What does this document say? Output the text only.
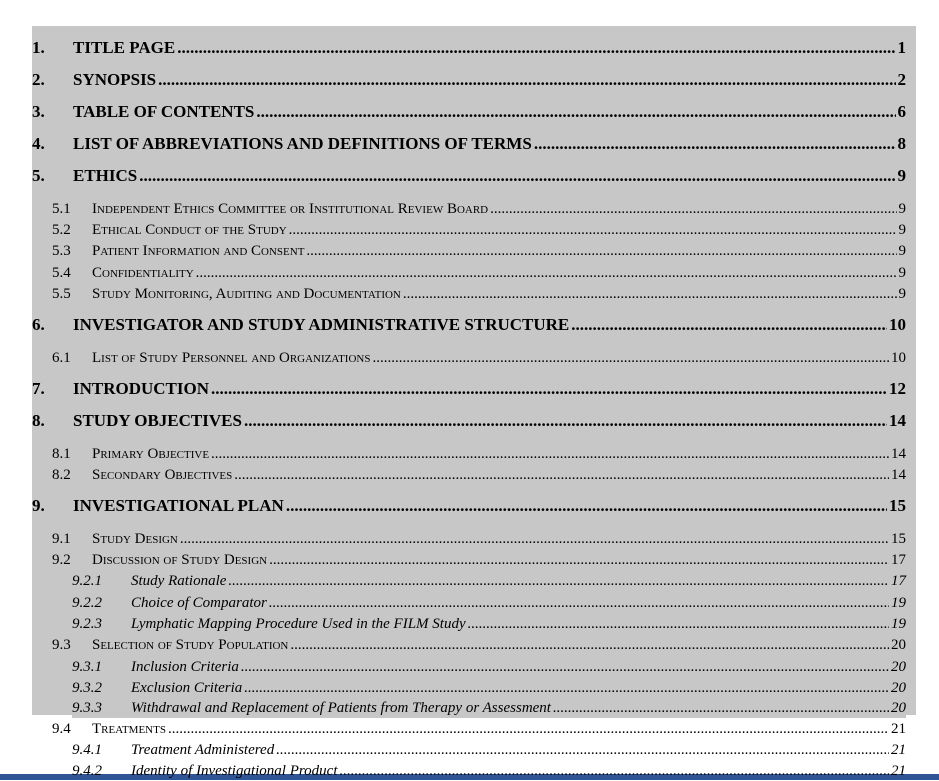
1.	TITLE PAGE .....	1
2.	SYNOPSIS .....	2
3.	TABLE OF CONTENTS .....	6
4.	LIST OF ABBREVIATIONS AND DEFINITIONS OF TERMS .....	8
5.	ETHICS .....	9
5.1	Independent Ethics Committee or Institutional Review Board .....	9
5.2	Ethical Conduct of the Study .....	9
5.3	Patient Information and Consent .....	9
5.4	Confidentiality .....	9
5.5	Study Monitoring, Auditing and Documentation .....	9
6.	INVESTIGATOR AND STUDY ADMINISTRATIVE STRUCTURE .....	10
6.1	List of Study Personnel and Organizations .....	10
7.	INTRODUCTION .....	12
8.	STUDY OBJECTIVES .....	14
8.1	Primary Objective .....	14
8.2	Secondary Objectives .....	14
9.	INVESTIGATIONAL PLAN .....	15
9.1	Study Design .....	15
9.2	Discussion of Study Design .....	17
9.2.1	Study Rationale .....	17
9.2.2	Choice of Comparator .....	19
9.2.3	Lymphatic Mapping Procedure Used in the FILM Study .....	19
9.3	Selection of Study Population .....	20
9.3.1	Inclusion Criteria .....	20
9.3.2	Exclusion Criteria .....	20
9.3.3	Withdrawal and Replacement of Patients from Therapy or Assessment .....	20
9.4	Treatments .....	21
9.4.1	Treatment Administered .....	21
9.4.2	Identity of Investigational Product .....	21
